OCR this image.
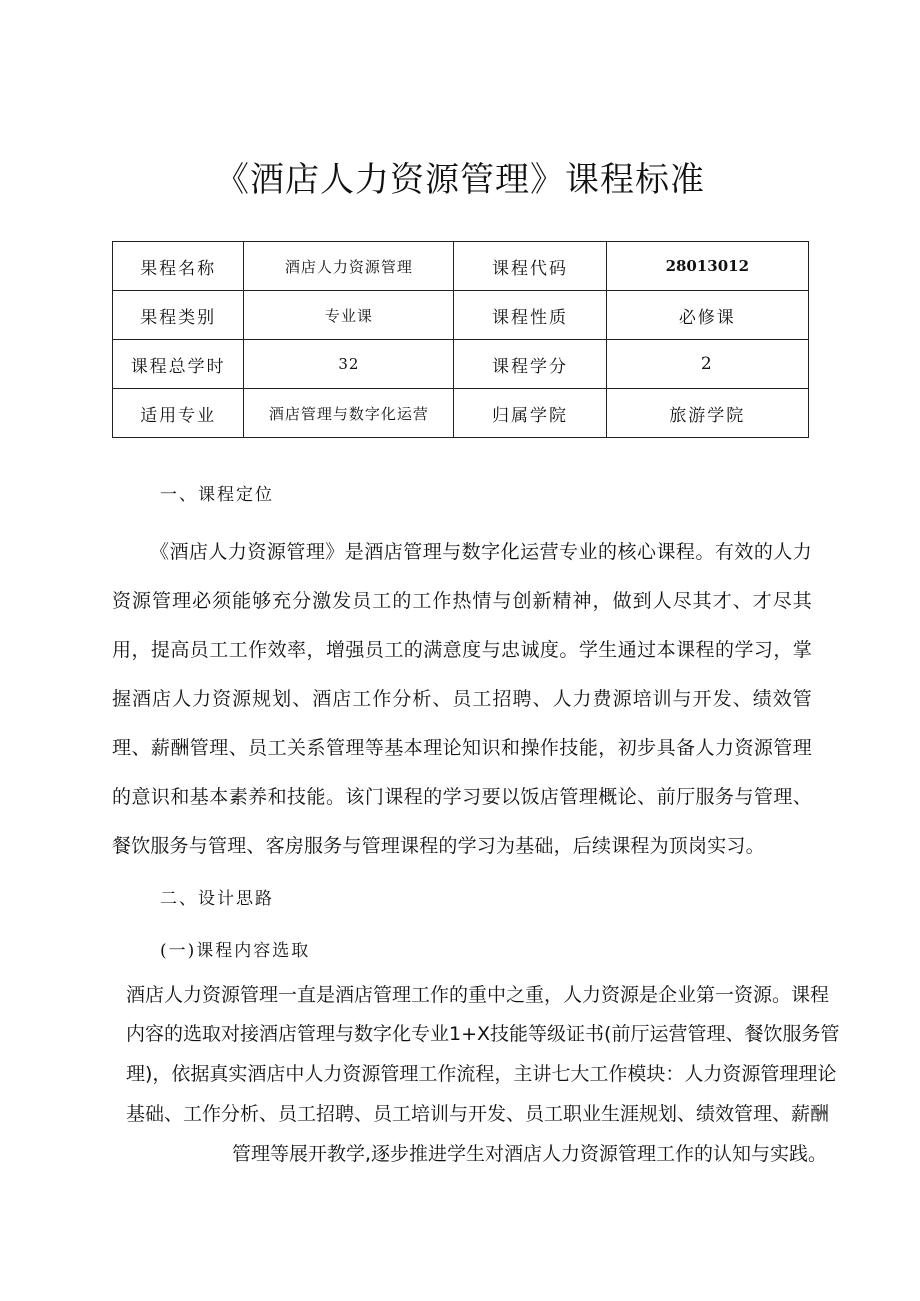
《酒店人力资源管理》课程标准
果程名称	酒店人力资源管理	课程代码	28013012
果程类别	专业课	课程性质	必修课
课程总学时	32	课程学分	2
适用专业	酒店管理与数字化运营	归属学院	旅游学院
一、课程定位

《酒店人力资源管理》是酒店管理与数字化运营专业的核心课程。有效的人力资源管理必须能够充分激发员工的工作热情与创新精神，做到人尽其才、才尽其用，提高员工工作效率，增强员工的满意度与忠诚度。学生通过本课程的学习，掌握酒店人力资源规划、酒店工作分析、员工招聘、人力费源培训与开发、绩效管理、薪酬管理、员工关系管理等基本理论知识和操作技能，初步具备人力资源管理的意识和基本素养和技能。该门课程的学习要以饭店管理概论、前厅服务与管理、餐饮服务与管理、客房服务与管理课程的学习为基础，后续课程为顶岗实习。

二、设计思路
(一)课程内容选取

酒店人力资源管理一直是酒店管理工作的重中之重，人力资源是企业第一资源。课程

内容的选取对接酒店管理与数字化专业1+X技能等级证书(前厅运营管理、餐饮服务管

理)，依据真实酒店中人力资源管理工作流程，主讲七大工作模块：人力资源管理理论

基础、工作分析、员工招聘、员工培训与开发、员工职业生涯规划、绩效管理、薪酬

管理等展开教学,逐步推进学生对酒店人力资源管理工作的认知与实践。
